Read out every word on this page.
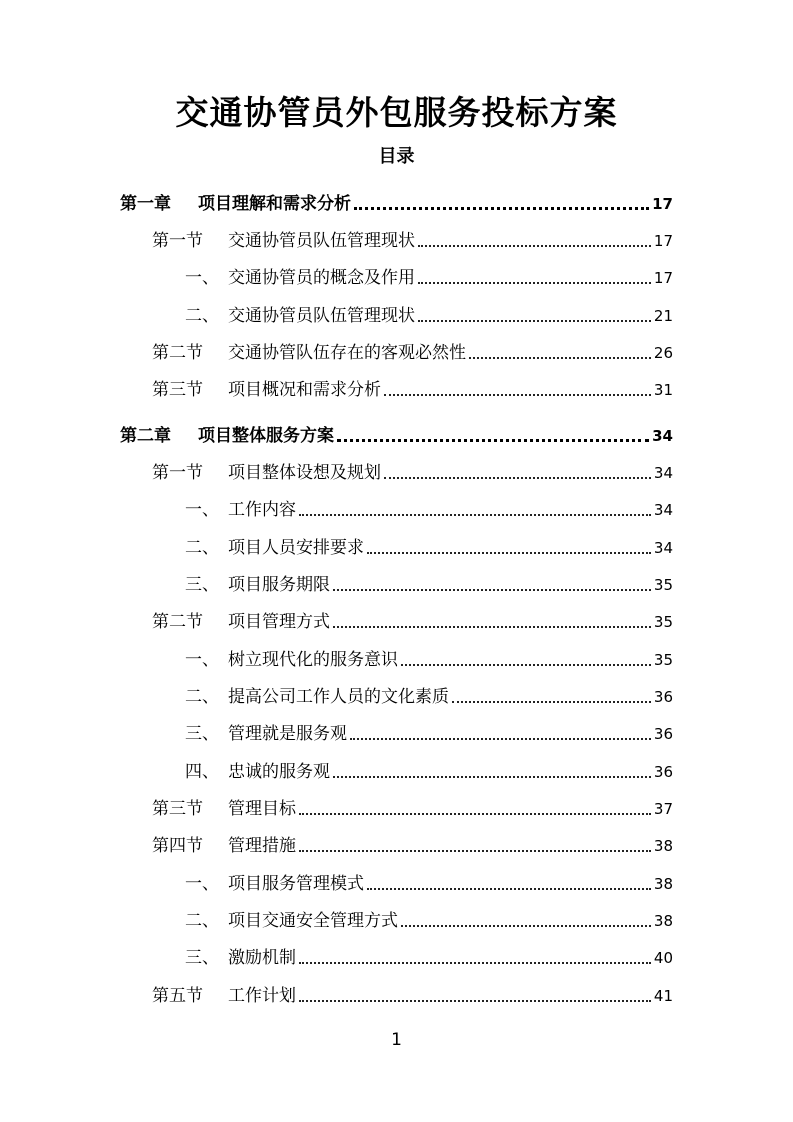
交通协管员外包服务投标方案
目录
第一章	项目理解和需求分析	17
第一节	交通协管员队伍管理现状	17
一、 交通协管员的概念及作用	17
二、 交通协管员队伍管理现状	21
第二节	交通协管队伍存在的客观必然性	26
第三节	项目概况和需求分析	31
第二章	项目整体服务方案	34
第一节	项目整体设想及规划	34
一、 工作内容	34
二、 项目人员安排要求	34
三、 项目服务期限	35
第二节	项目管理方式	35
一、 树立现代化的服务意识	35
二、 提高公司工作人员的文化素质	36
三、 管理就是服务观	36
四、 忠诚的服务观	36
第三节	管理目标	37
第四节	管理措施	38
一、 项目服务管理模式	38
二、 项目交通安全管理方式	38
三、 激励机制	40
第五节	工作计划	41
1
